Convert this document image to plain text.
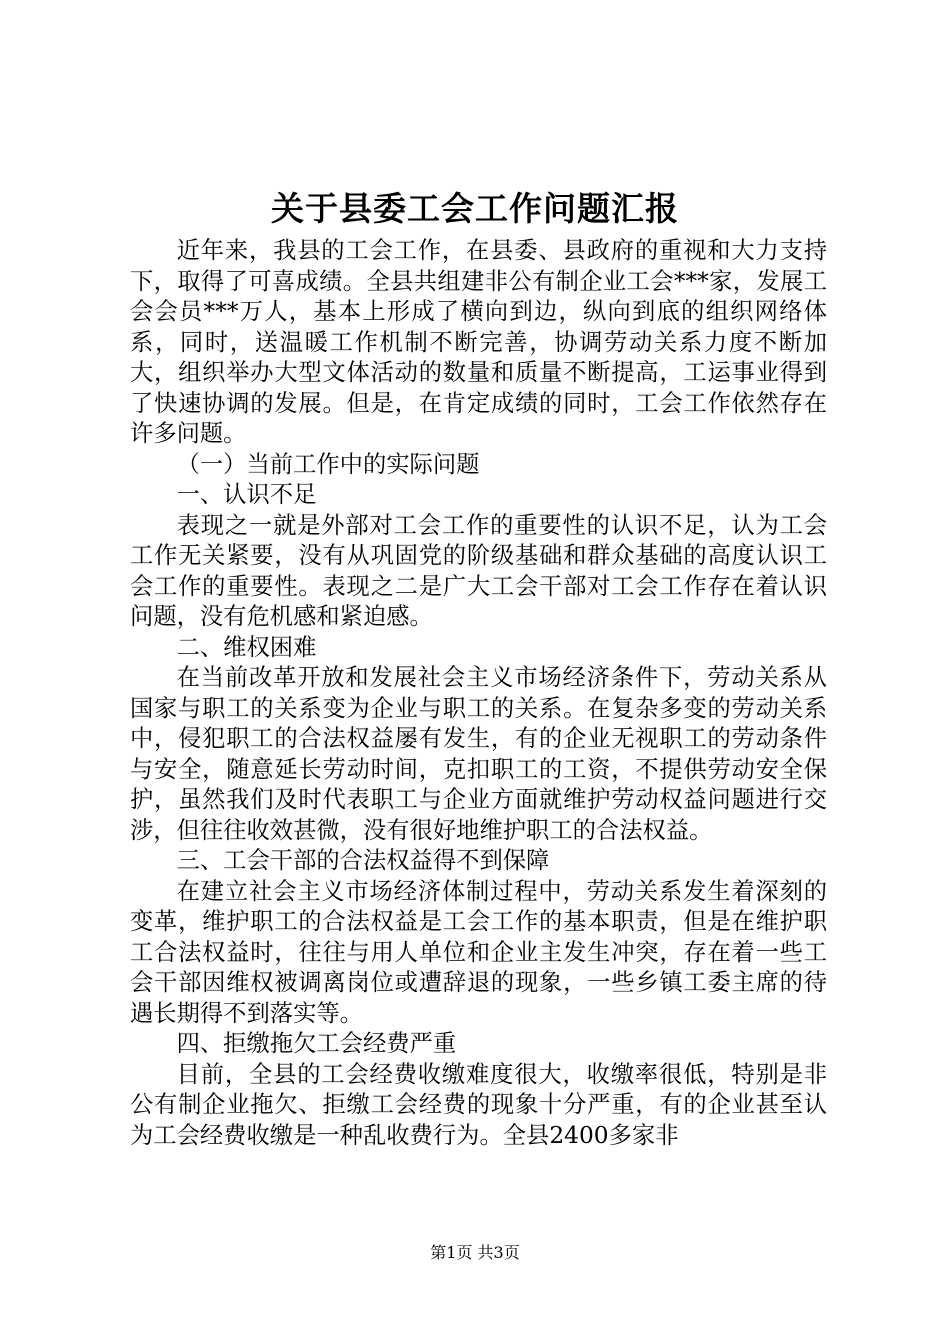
关于县委工会工作问题汇报

近年来，我县的工会工作，在县委、县政府的重视和大力支持下，取得了可喜成绩。全县共组建非公有制企业工会***家，发展工会会员***万人，基本上形成了横向到边，纵向到底的组织网络体系，同时，送温暖工作机制不断完善，协调劳动关系力度不断加大，组织举办大型文体活动的数量和质量不断提高，工运事业得到了快速协调的发展。但是，在肯定成绩的同时，工会工作依然存在许多问题。

（一）当前工作中的实际问题

一、认识不足

表现之一就是外部对工会工作的重要性的认识不足，认为工会工作无关紧要，没有从巩固党的阶级基础和群众基础的高度认识工会工作的重要性。表现之二是广大工会干部对工会工作存在着认识问题，没有危机感和紧迫感。

二、维权困难

在当前改革开放和发展社会主义市场经济条件下，劳动关系从国家与职工的关系变为企业与职工的关系。在复杂多变的劳动关系中，侵犯职工的合法权益屡有发生，有的企业无视职工的劳动条件与安全，随意延长劳动时间，克扣职工的工资，不提供劳动安全保护，虽然我们及时代表职工与企业方面就维护劳动权益问题进行交涉，但往往收效甚微，没有很好地维护职工的合法权益。

三、工会干部的合法权益得不到保障

在建立社会主义市场经济体制过程中，劳动关系发生着深刻的变革，维护职工的合法权益是工会工作的基本职责，但是在维护职工合法权益时，往往与用人单位和企业主发生冲突，存在着一些工会干部因维权被调离岗位或遭辞退的现象，一些乡镇工委主席的待遇长期得不到落实等。

四、拒缴拖欠工会经费严重

目前，全县的工会经费收缴难度很大，收缴率很低，特别是非公有制企业拖欠、拒缴工会经费的现象十分严重，有的企业甚至认为工会经费收缴是一种乱收费行为。全县2400多家非

第1页 共3页
